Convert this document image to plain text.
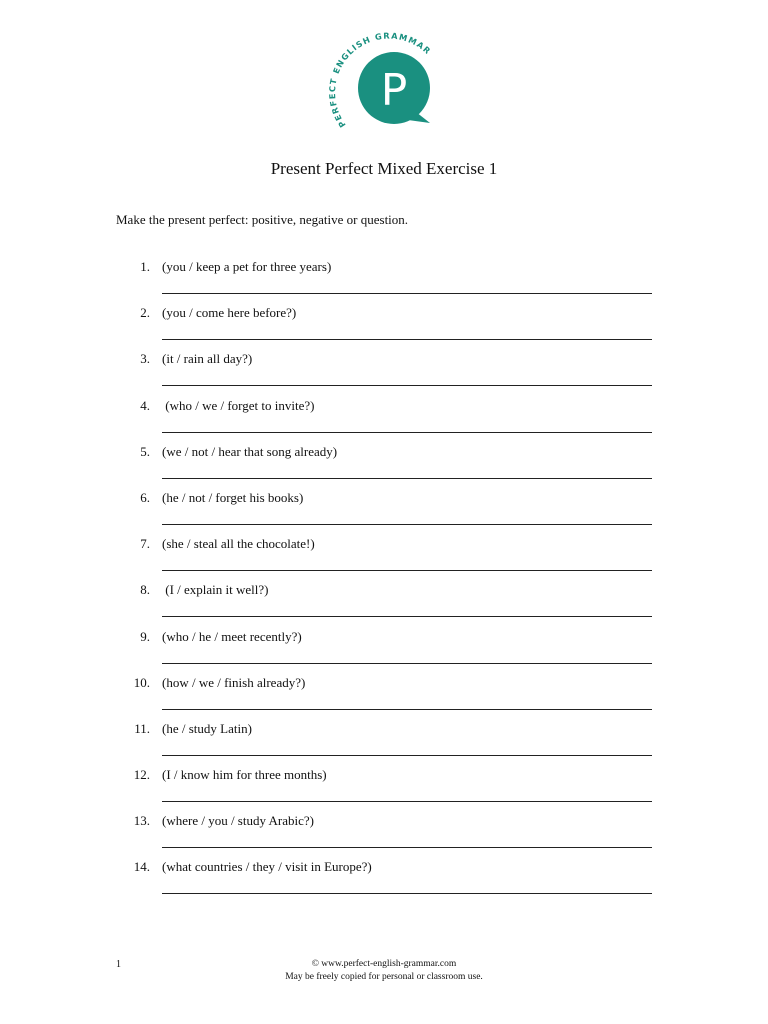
PERFECT ENGLISH GRAMMAR
P
Present Perfect Mixed Exercise 1
Make the present perfect: positive, negative or question.
1. (you / keep a pet for three years)
2. (you / come here before?)
3. (it / rain all day?)
4. (who / we / forget to invite?)
5. (we / not / hear that song already)
6. (he / not / forget his books)
7. (she / steal all the chocolate!)
8. (I / explain it well?)
9. (who / he / meet recently?)
10. (how / we / finish already?)
11. (he / study Latin)
12. (I / know him for three months)
13. (where / you / study Arabic?)
14. (what countries / they / visit in Europe?)
1	© www.perfect-english-grammar.com
May be freely copied for personal or classroom use.
